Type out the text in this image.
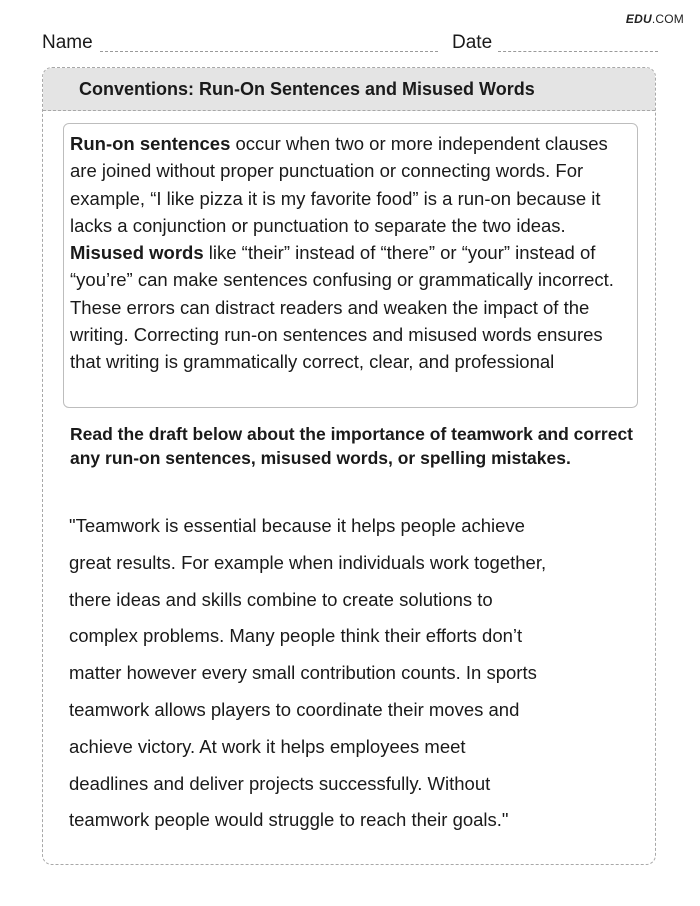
EDU.COM
Name	Date
Conventions: Run-On Sentences and Misused Words
Run-on sentences occur when two or more independent clauses are joined without proper punctuation or connecting words. For example, “I like pizza it is my favorite food” is a run-on because it lacks a conjunction or punctuation to separate the two ideas. Misused words like “their” instead of “there” or “your” instead of “you’re” can make sentences confusing or grammatically incorrect. These errors can distract readers and weaken the impact of the writing. Correcting run-on sentences and misused words ensures that writing is grammatically correct, clear, and professional
Read the draft below about the importance of teamwork and correct any run-on sentences, misused words, or spelling mistakes.
"Teamwork is essential because it helps people achieve
great results. For example when individuals work together,
there ideas and skills combine to create solutions to
complex problems. Many people think their efforts don’t
matter however every small contribution counts. In sports
teamwork allows players to coordinate their moves and
achieve victory. At work it helps employees meet
deadlines and deliver projects successfully. Without
teamwork people would struggle to reach their goals."
